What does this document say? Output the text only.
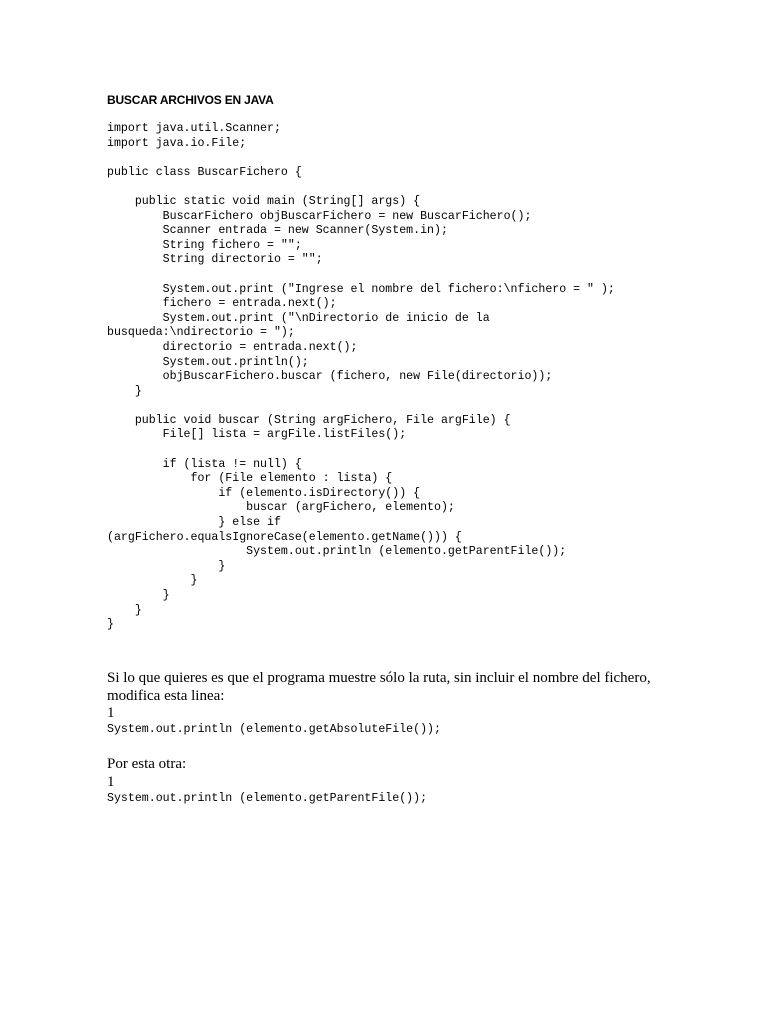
BUSCAR ARCHIVOS EN JAVA
import java.util.Scanner;
import java.io.File;

public class BuscarFichero {

public static void main (String[] args) {
BuscarFichero objBuscarFichero = new BuscarFichero();
Scanner entrada = new Scanner(System.in);
String fichero = "";
String directorio = "";

System.out.print ("Ingrese el nombre del fichero:\nfichero = " );
fichero = entrada.next();
System.out.print ("\nDirectorio de inicio de la
busqueda:\ndirectorio = ");
directorio = entrada.next();
System.out.println();
objBuscarFichero.buscar (fichero, new File(directorio));
}

public void buscar (String argFichero, File argFile) {
File[] lista = argFile.listFiles();

if (lista != null) {
for (File elemento : lista) {
if (elemento.isDirectory()) {
buscar (argFichero, elemento);
} else if
(argFichero.equalsIgnoreCase(elemento.getName())) {
System.out.println (elemento.getParentFile());
}
}
}
}
}
Si lo que quieres es que el programa muestre sólo la ruta, sin incluir el nombre del fichero,
modifica esta linea:
1
System.out.println (elemento.getAbsoluteFile());
Por esta otra:
1
System.out.println (elemento.getParentFile());
